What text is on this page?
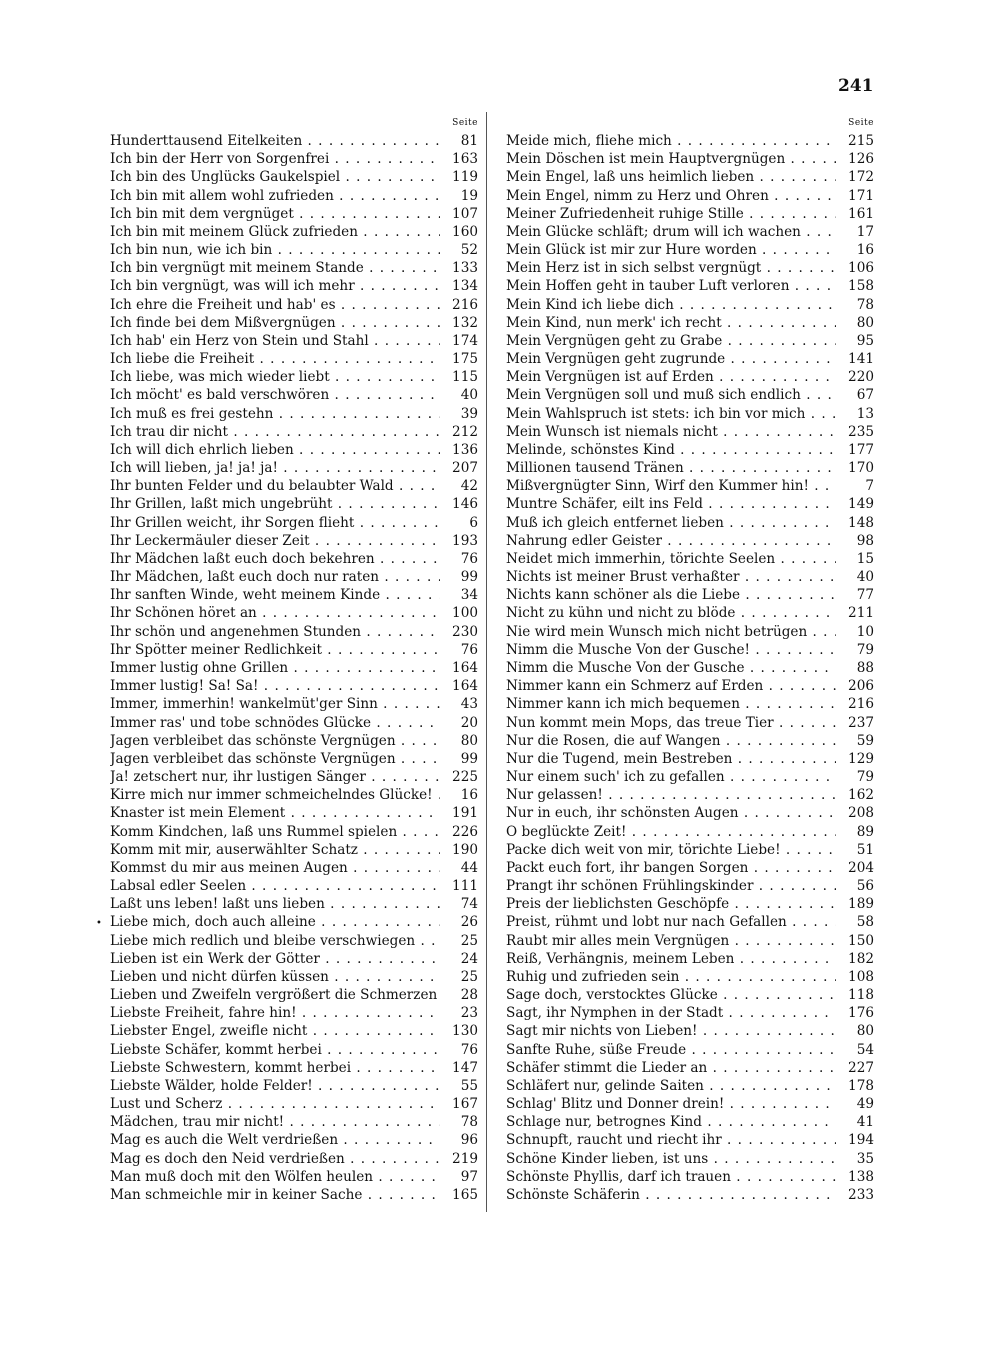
241
•
Seite
Hunderttausend Eitelkeiten . . .	81
Ich bin der Herr von Sorgenfrei . . .	163
Ich bin des Unglücks Gaukelspiel . . .	119
Ich bin mit allem wohl zufrieden . . .	19
Ich bin mit dem vergnüget . . .	107
Ich bin mit meinem Glück zufrieden . . .	160
Ich bin nun, wie ich bin . . .	52
Ich bin vergnügt mit meinem Stande . . .	133
Ich bin vergnügt, was will ich mehr . . .	134
Ich ehre die Freiheit und hab' es . . .	216
Ich finde bei dem Mißvergnügen . . .	132
Ich hab' ein Herz von Stein und Stahl . . .	174
Ich liebe die Freiheit . . .	175
Ich liebe, was mich wieder liebt . . .	115
Ich möcht' es bald verschwören . . .	40
Ich muß es frei gestehn . . .	39
Ich trau dir nicht . . .	212
Ich will dich ehrlich lieben . . .	136
Ich will lieben, ja! ja! ja! . . .	207
Ihr bunten Felder und du belaubter Wald . . .	42
Ihr Grillen, laßt mich ungebrüht . . .	146
Ihr Grillen weicht, ihr Sorgen flieht . . .	6
Ihr Leckermäuler dieser Zeit . . .	193
Ihr Mädchen laßt euch doch bekehren . . .	76
Ihr Mädchen, laßt euch doch nur raten . . .	99
Ihr sanften Winde, weht meinem Kinde . . .	34
Ihr Schönen höret an . . .	100
Ihr schön und angenehmen Stunden . . .	230
Ihr Spötter meiner Redlichkeit . . .	76
Immer lustig ohne Grillen . . .	164
Immer lustig! Sa! Sa! . . .	164
Immer, immerhin! wankelmüt'ger Sinn . . .	43
Immer ras' und tobe schnödes Glücke . . .	20
Jagen verbleibet das schönste Vergnügen . . .	80
Jagen verbleibet das schönste Vergnügen . . .	99
Ja! zetschert nur, ihr lustigen Sänger . . .	225
Kirre mich nur immer schmeichelndes Glücke! . . .	16
Knaster ist mein Element . . .	191
Komm Kindchen, laß uns Rummel spielen . . .	226
Komm mit mir, auserwählter Schatz . . .	190
Kommst du mir aus meinen Augen . . .	44
Labsal edler Seelen . . .	111
Laßt uns leben! laßt uns lieben . . .	74
Liebe mich, doch auch alleine . . .	26
Liebe mich redlich und bleibe verschwiegen . . .	25
Lieben ist ein Werk der Götter . . .	24
Lieben und nicht dürfen küssen . . .	25
Lieben und Zweifeln vergrößert die Schmerzen . . .	28
Liebste Freiheit, fahre hin! . . .	23
Liebster Engel, zweifle nicht . . .	130
Liebste Schäfer, kommt herbei . . .	76
Liebste Schwestern, kommt herbei . . .	147
Liebste Wälder, holde Felder! . . .	55
Lust und Scherz . . .	167
Mädchen, trau mir nicht! . . .	78
Mag es auch die Welt verdrießen . . .	96
Mag es doch den Neid verdrießen . . .	219
Man muß doch mit den Wölfen heulen . . .	97
Man schmeichle mir in keiner Sache . . .	165
Seite
Meide mich, fliehe mich . . .	215
Mein Döschen ist mein Hauptvergnügen . . .	126
Mein Engel, laß uns heimlich lieben . . .	172
Mein Engel, nimm zu Herz und Ohren . . .	171
Meiner Zufriedenheit ruhige Stille . . .	161
Mein Glücke schläft; drum will ich wachen . . .	17
Mein Glück ist mir zur Hure worden . . .	16
Mein Herz ist in sich selbst vergnügt . . .	106
Mein Hoffen geht in tauber Luft verloren . . .	158
Mein Kind ich liebe dich . . .	78
Mein Kind, nun merk' ich recht . . .	80
Mein Vergnügen geht zu Grabe . . .	95
Mein Vergnügen geht zugrunde . . .	141
Mein Vergnügen ist auf Erden . . .	220
Mein Vergnügen soll und muß sich endlich . . .	67
Mein Wahlspruch ist stets: ich bin vor mich . . .	13
Mein Wunsch ist niemals nicht . . .	235
Melinde, schönstes Kind . . .	177
Millionen tausend Tränen . . .	170
Mißvergnügter Sinn, Wirf den Kummer hin! . . .	7
Muntre Schäfer, eilt ins Feld . . .	149
Muß ich gleich entfernet lieben . . .	148
Nahrung edler Geister . . .	98
Neidet mich immerhin, törichte Seelen . . .	15
Nichts ist meiner Brust verhaßter . . .	40
Nichts kann schöner als die Liebe . . .	77
Nicht zu kühn und nicht zu blöde . . .	211
Nie wird mein Wunsch mich nicht betrügen . . .	10
Nimm die Musche Von der Gusche! . . .	79
Nimm die Musche Von der Gusche . . .	88
Nimmer kann ein Schmerz auf Erden . . .	206
Nimmer kann ich mich bequemen . . .	216
Nun kommt mein Mops, das treue Tier . . .	237
Nur die Rosen, die auf Wangen . . .	59
Nur die Tugend, mein Bestreben . . .	129
Nur einem such' ich zu gefallen . . .	79
Nur gelassen! . . .	162
Nur in euch, ihr schönsten Augen . . .	208
O beglückte Zeit! . . .	89
Packe dich weit von mir, törichte Liebe! . . .	51
Packt euch fort, ihr bangen Sorgen . . .	204
Prangt ihr schönen Frühlingskinder . . .	56
Preis der lieblichsten Geschöpfe . . .	189
Preist, rühmt und lobt nur nach Gefallen . . .	58
Raubt mir alles mein Vergnügen . . .	150
Reiß, Verhängnis, meinem Leben . . .	182
Ruhig und zufrieden sein . . .	108
Sage doch, verstocktes Glücke . . .	118
Sagt, ihr Nymphen in der Stadt . . .	176
Sagt mir nichts von Lieben! . . .	80
Sanfte Ruhe, süße Freude . . .	54
Schäfer stimmt die Lieder an . . .	227
Schläfert nur, gelinde Saiten . . .	178
Schlag' Blitz und Donner drein! . . .	49
Schlage nur, betrognes Kind . . .	41
Schnupft, raucht und riecht ihr . . .	194
Schöne Kinder lieben, ist uns . . .	35
Schönste Phyllis, darf ich trauen . . .	138
Schönste Schäferin . . .	233
